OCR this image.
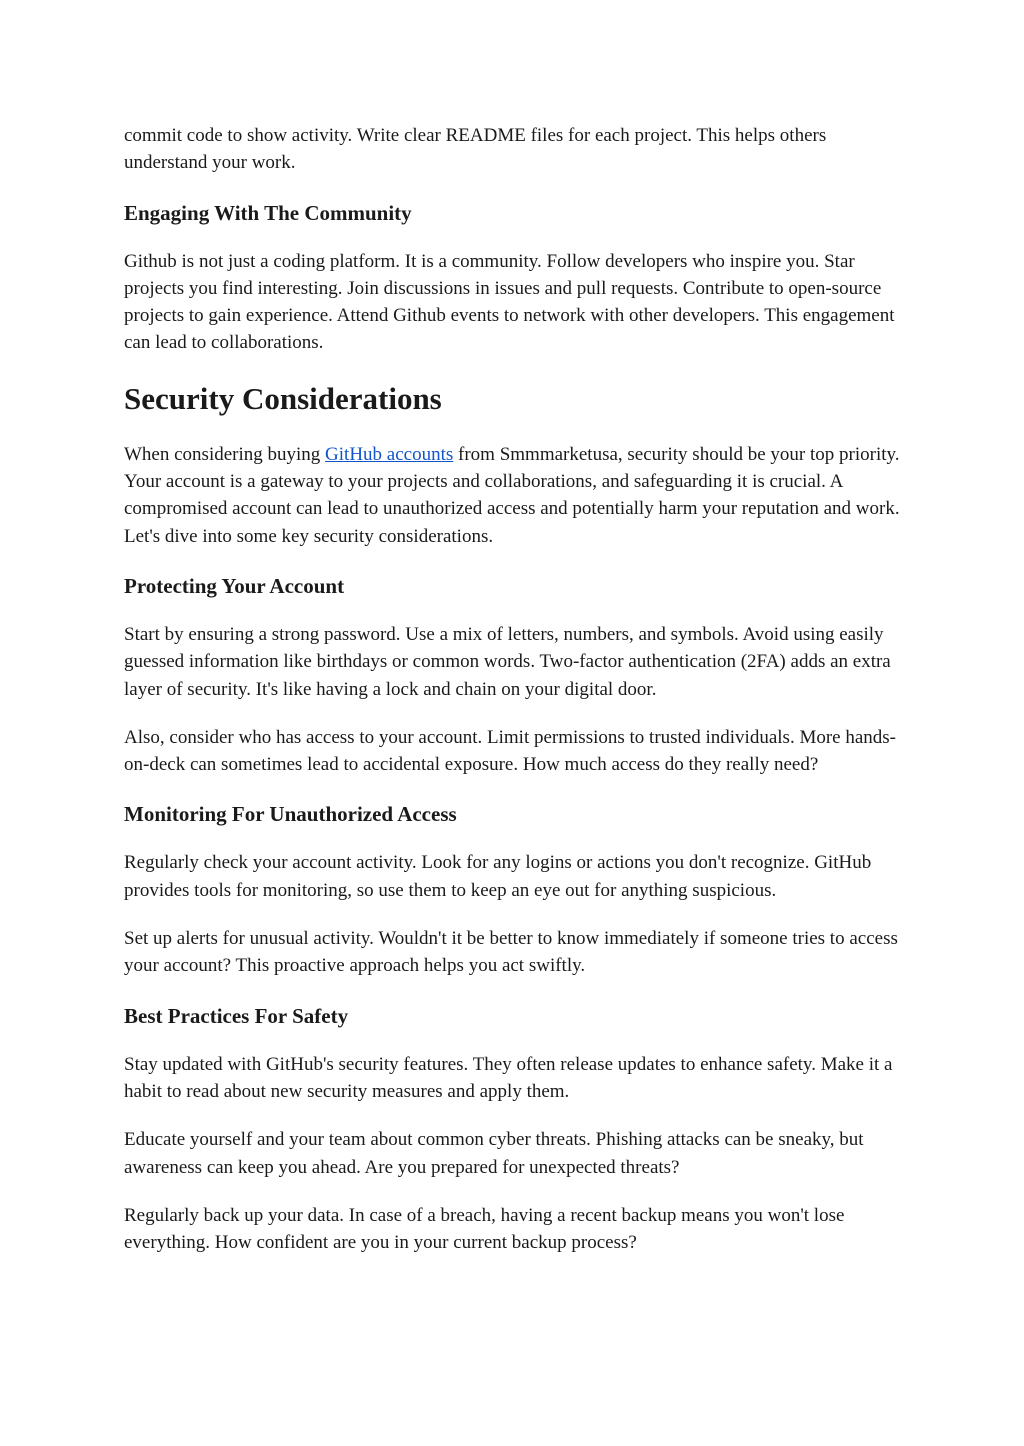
commit code to show activity. Write clear README files for each project. This helps others understand your work.

Engaging With The Community

Github is not just a coding platform. It is a community. Follow developers who inspire you. Star projects you find interesting. Join discussions in issues and pull requests. Contribute to open-source projects to gain experience. Attend Github events to network with other developers. This engagement can lead to collaborations.

Security Considerations

When considering buying GitHub accounts from Smmmarketusa, security should be your top priority. Your account is a gateway to your projects and collaborations, and safeguarding it is crucial. A compromised account can lead to unauthorized access and potentially harm your reputation and work. Let's dive into some key security considerations.

Protecting Your Account

Start by ensuring a strong password. Use a mix of letters, numbers, and symbols. Avoid using easily guessed information like birthdays or common words. Two-factor authentication (2FA) adds an extra layer of security. It's like having a lock and chain on your digital door.

Also, consider who has access to your account. Limit permissions to trusted individuals. More hands-on-deck can sometimes lead to accidental exposure. How much access do they really need?

Monitoring For Unauthorized Access

Regularly check your account activity. Look for any logins or actions you don't recognize. GitHub provides tools for monitoring, so use them to keep an eye out for anything suspicious.

Set up alerts for unusual activity. Wouldn't it be better to know immediately if someone tries to access your account? This proactive approach helps you act swiftly.

Best Practices For Safety

Stay updated with GitHub's security features. They often release updates to enhance safety. Make it a habit to read about new security measures and apply them.

Educate yourself and your team about common cyber threats. Phishing attacks can be sneaky, but awareness can keep you ahead. Are you prepared for unexpected threats?

Regularly back up your data. In case of a breach, having a recent backup means you won't lose everything. How confident are you in your current backup process?
